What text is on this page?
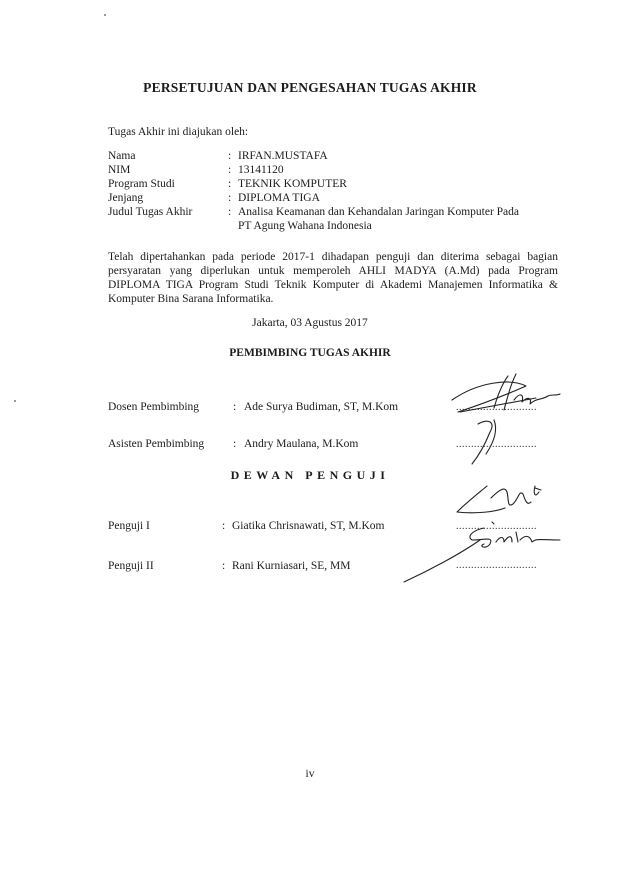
PERSETUJUAN DAN PENGESAHAN TUGAS AKHIR
Tugas Akhir ini diajukan oleh:
Nama	: IRFAN.MUSTAFA
NIM	: 13141120
Program Studi	: TEKNIK KOMPUTER
Jenjang	: DIPLOMA TIGA
Judul Tugas Akhir	: Analisa Keamanan dan Kehandalan Jaringan Komputer Pada
PT Agung Wahana Indonesia
Telah dipertahankan pada periode 2017-1 dihadapan penguji dan diterima sebagai bagian persyaratan yang diperlukan untuk memperoleh AHLI MADYA (A.Md) pada Program DIPLOMA TIGA Program Studi Teknik Komputer di Akademi Manajemen Informatika & Komputer Bina Sarana Informatika.
Jakarta, 03 Agustus 2017
PEMBIMBING TUGAS AKHIR
Dosen Pembimbing	: Ade Surya Budiman, ST, M.Kom	...........................
Asisten Pembimbing	: Andry Maulana, M.Kom	...........................
DEWAN PENGUJI
Penguji I	: Giatika Chrisnawati, ST, M.Kom	...........................
Penguji II	: Rani Kurniasari, SE, MM	...........................
iv
